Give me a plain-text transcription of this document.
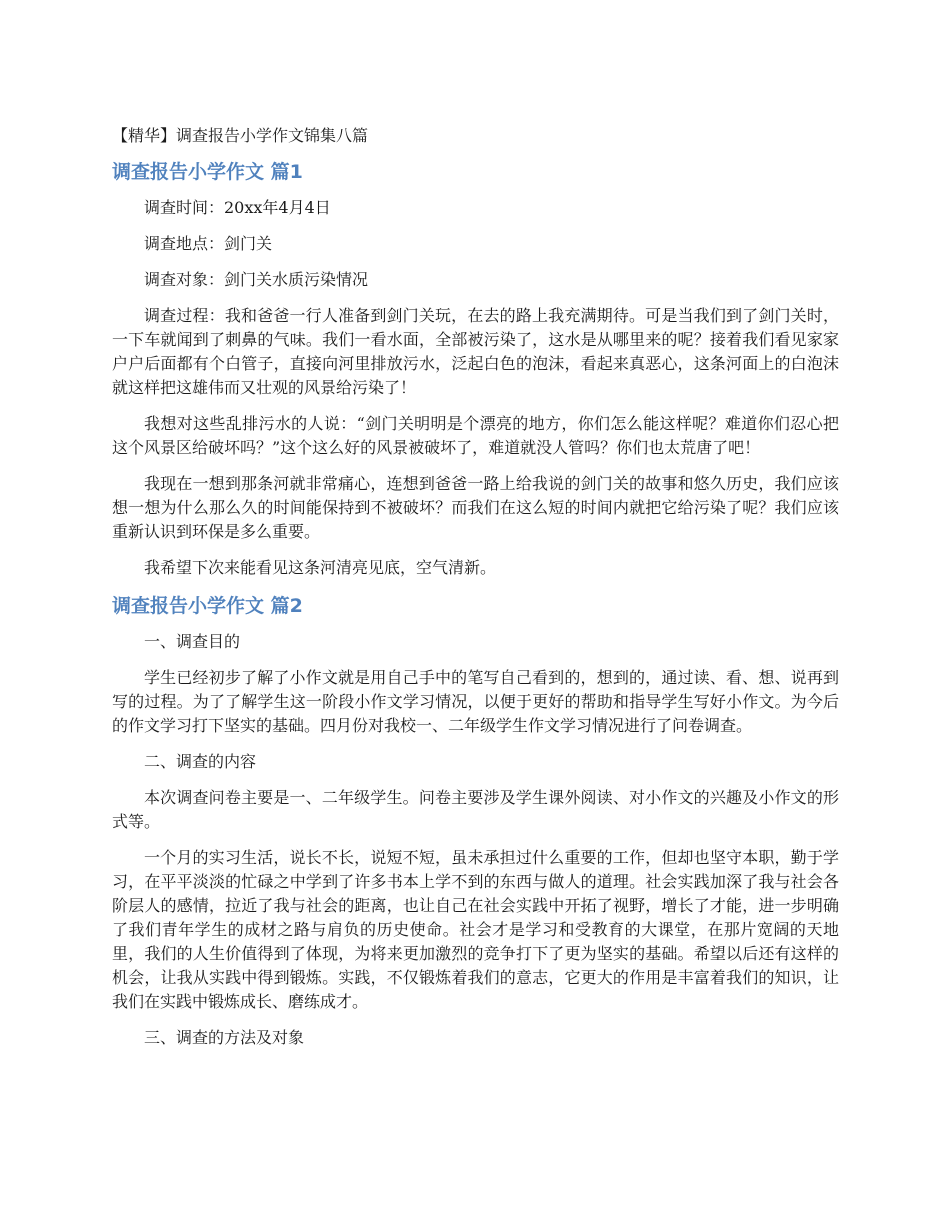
【精华】调查报告小学作文锦集八篇
调查报告小学作文 篇1

调查时间：20xx年4月4日

调查地点：剑门关

调查对象：剑门关水质污染情况

调查过程：我和爸爸一行人准备到剑门关玩，在去的路上我充满期待。可是当我们到了剑门关时，一下车就闻到了刺鼻的气味。我们一看水面，全部被污染了，这水是从哪里来的呢？接着我们看见家家户户后面都有个白管子，直接向河里排放污水，泛起白色的泡沫，看起来真恶心，这条河面上的白泡沫就这样把这雄伟而又壮观的风景给污染了！

我想对这些乱排污水的人说：“剑门关明明是个漂亮的地方，你们怎么能这样呢？难道你们忍心把这个风景区给破坏吗？”这个这么好的风景被破坏了，难道就没人管吗？你们也太荒唐了吧！

我现在一想到那条河就非常痛心，连想到爸爸一路上给我说的剑门关的故事和悠久历史，我们应该想一想为什么那么久的时间能保持到不被破坏？而我们在这么短的时间内就把它给污染了呢？我们应该重新认识到环保是多么重要。

我希望下次来能看见这条河清亮见底，空气清新。

调查报告小学作文 篇2

一、调查目的

学生已经初步了解了小作文就是用自己手中的笔写自己看到的，想到的，通过读、看、想、说再到写的过程。为了了解学生这一阶段小作文学习情况，以便于更好的帮助和指导学生写好小作文。为今后的作文学习打下坚实的基础。四月份对我校一、二年级学生作文学习情况进行了问卷调查。

二、调查的内容

本次调查问卷主要是一、二年级学生。问卷主要涉及学生课外阅读、对小作文的兴趣及小作文的形式等。

一个月的实习生活，说长不长，说短不短，虽未承担过什么重要的工作，但却也坚守本职，勤于学习，在平平淡淡的忙碌之中学到了许多书本上学不到的东西与做人的道理。社会实践加深了我与社会各阶层人的感情，拉近了我与社会的距离，也让自己在社会实践中开拓了视野，增长了才能，进一步明确了我们青年学生的成材之路与肩负的历史使命。社会才是学习和受教育的大课堂，在那片宽阔的天地里，我们的人生价值得到了体现，为将来更加激烈的竞争打下了更为坚实的基础。希望以后还有这样的机会，让我从实践中得到锻炼。实践，不仅锻炼着我们的意志，它更大的作用是丰富着我们的知识，让我们在实践中锻炼成长、磨练成才。

三、调查的方法及对象
